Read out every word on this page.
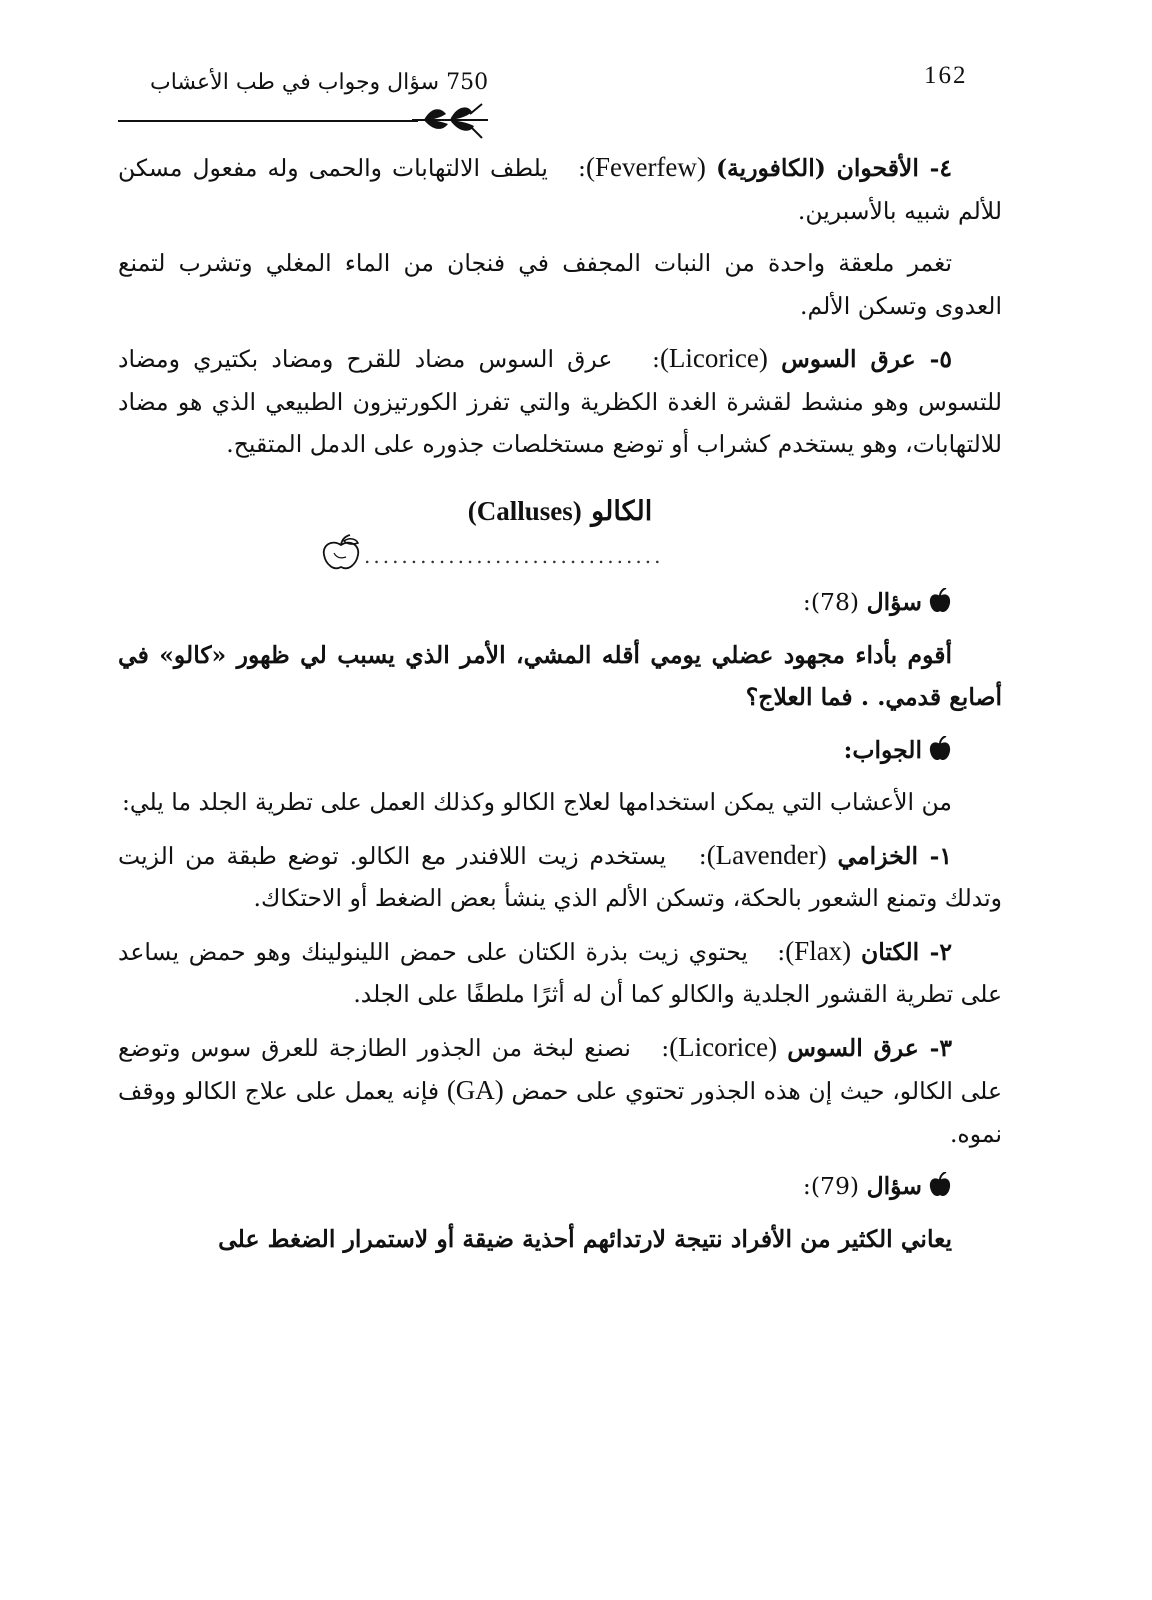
750 سؤال وجواب في طب الأعشاب	162

٤- الأقحوان (الكافورية) (Feverfew):   يلطف الالتهابات والحمى وله مفعول مسكن للألم شبيه بالأسبرين.

تغمر ملعقة واحدة من النبات المجفف في فنجان من الماء المغلي وتشرب لتمنع العدوى وتسكن الألم.

٥- عرق السوس (Licorice):   عرق السوس مضاد للقرح ومضاد بكتيري ومضاد للتسوس وهو منشط لقشرة الغدة الكظرية والتي تفرز الكورتيزون الطبيعي الذي هو مضاد للالتهابات، وهو يستخدم كشراب أو توضع مستخلصات جذوره على الدمل المتقيح.

الكالو (Calluses)
................................

سؤال (78):

أقوم بأداء مجهود عضلي يومي أقله المشي، الأمر الذي يسبب لي ظهور «كالو» في أصابع قدمي. . فما العلاج؟

الجواب:

من الأعشاب التي يمكن استخدامها لعلاج الكالو وكذلك العمل على تطرية الجلد ما يلي:

١- الخزامي (Lavender):   يستخدم زيت اللافندر مع الكالو. توضع طبقة من الزيت وتدلك وتمنع الشعور بالحكة، وتسكن الألم الذي ينشأ بعض الضغط أو الاحتكاك.

٢- الكتان (Flax):   يحتوي زيت بذرة الكتان على حمض اللينولينك وهو حمض يساعد على تطرية القشور الجلدية والكالو كما أن له أثرًا ملطفًا على الجلد.

٣- عرق السوس (Licorice):   نصنع لبخة من الجذور الطازجة للعرق سوس وتوضع على الكالو، حيث إن هذه الجذور تحتوي على حمض (GA) فإنه يعمل على علاج الكالو ووقف نموه.

سؤال (79):

يعاني الكثير من الأفراد نتيجة لارتدائهم أحذية ضيقة أو لاستمرار الضغط على
